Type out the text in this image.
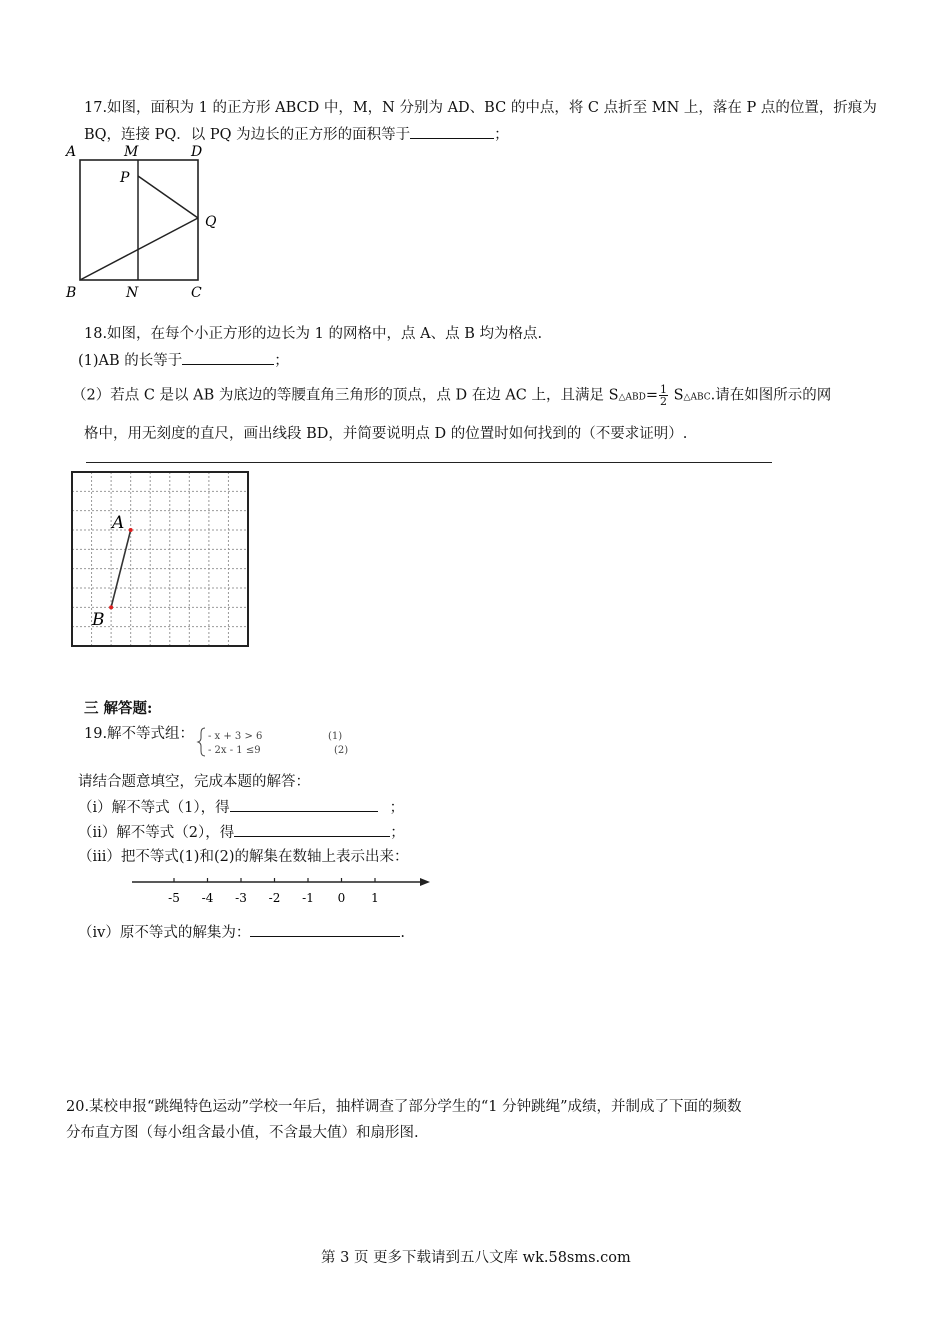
17.如图，面积为 1 的正方形 ABCD 中，M，N 分别为 AD、BC 的中点，将 C 点折至 MN 上，落在 P 点的位置，折痕为
BQ，连接 PQ．以 PQ 为边长的正方形的面积等于	；
A	M	D
P
Q
B	N	C
18.如图，在每个小正方形的边长为 1 的网格中，点 A、点 B 均为格点.
(1)AB 的长等于	；
（2）若点 C 是以 AB 为底边的等腰直角三角形的顶点，点 D 在边 AC 上，且满足 S△ABD= $\frac{1}{2}$ S△ABC.请在如图所示的网
格中，用无刻度的直尺，画出线段 BD，并简要说明点 D 的位置时如何找到的（不要求证明）.
A
B
三 解答题:
19.解不等式组： - x + 3 > 6	(1)
- 2x - 1 ≤9	(2)
请结合题意填空，完成本题的解答：
（i）解不等式（1），得	；
（ii）解不等式（2），得	；
（iii）把不等式(1)和(2)的解集在数轴上表示出来：
-5 -4 -3 -2 -1 0 1
（iv）原不等式的解集为：	.
20.某校申报“跳绳特色运动”学校一年后，抽样调查了部分学生的“1 分钟跳绳”成绩，并制成了下面的频数
分布直方图（每小组含最小值，不含最大值）和扇形图.
第 3 页 更多下载请到五八文库 wk.58sms.com
